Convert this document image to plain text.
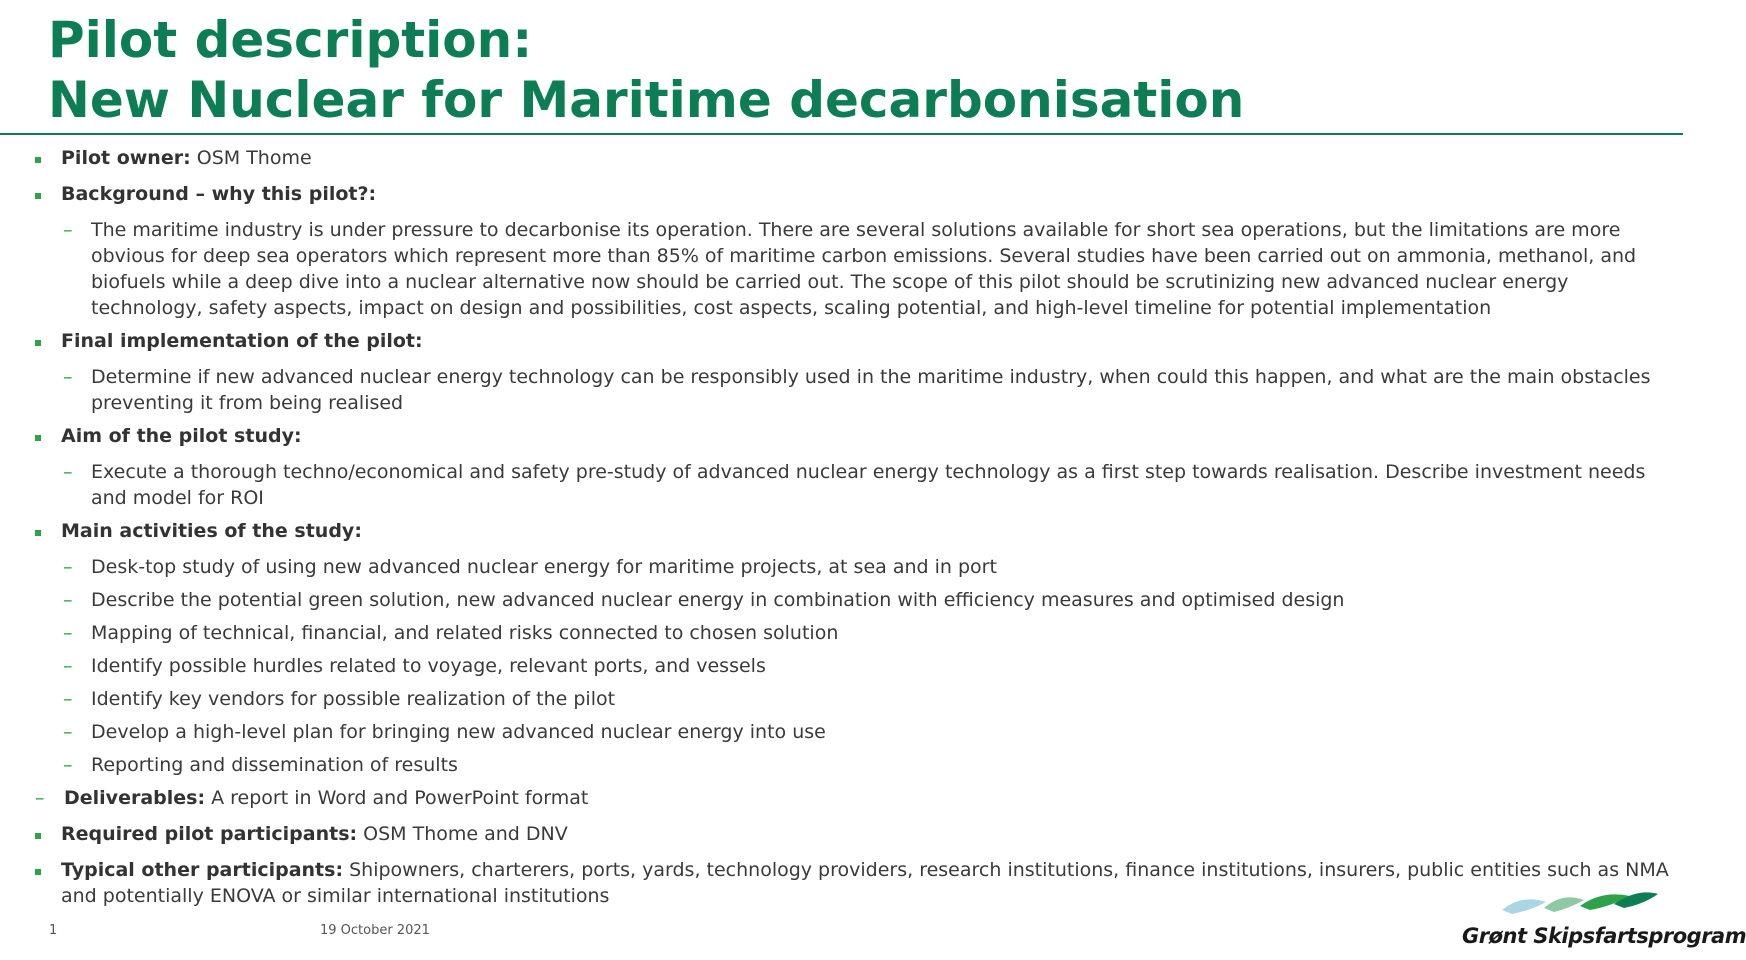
Pilot description:
New Nuclear for Maritime decarbonisation

Pilot owner: OSM Thome

Background – why this pilot?:

– The maritime industry is under pressure to decarbonise its operation. There are several solutions available for short sea operations, but the limitations are more obvious for deep sea operators which represent more than 85% of maritime carbon emissions. Several studies have been carried out on ammonia, methanol, and biofuels while a deep dive into a nuclear alternative now should be carried out. The scope of this pilot should be scrutinizing new advanced nuclear energy technology, safety aspects, impact on design and possibilities, cost aspects, scaling potential, and high-level timeline for potential implementation

Final implementation of the pilot:

– Determine if new advanced nuclear energy technology can be responsibly used in the maritime industry, when could this happen, and what are the main obstacles preventing it from being realised

Aim of the pilot study:

– Execute a thorough techno/economical and safety pre-study of advanced nuclear energy technology as a first step towards realisation. Describe investment needs and model for ROI

Main activities of the study:

– Desk-top study of using new advanced nuclear energy for maritime projects, at sea and in port

– Describe the potential green solution, new advanced nuclear energy in combination with efficiency measures and optimised design

– Mapping of technical, financial, and related risks connected to chosen solution

– Identify possible hurdles related to voyage, relevant ports, and vessels

– Identify key vendors for possible realization of the pilot

– Develop a high-level plan for bringing new advanced nuclear energy into use

– Reporting and dissemination of results

– Deliverables: A report in Word and PowerPoint format

Required pilot participants: OSM Thome and DNV

Typical other participants: Shipowners, charterers, ports, yards, technology providers, research institutions, finance institutions, insurers, public entities such as NMA and potentially ENOVA or similar international institutions

1	19 October 2021	Grønt Skipsfartsprogram
